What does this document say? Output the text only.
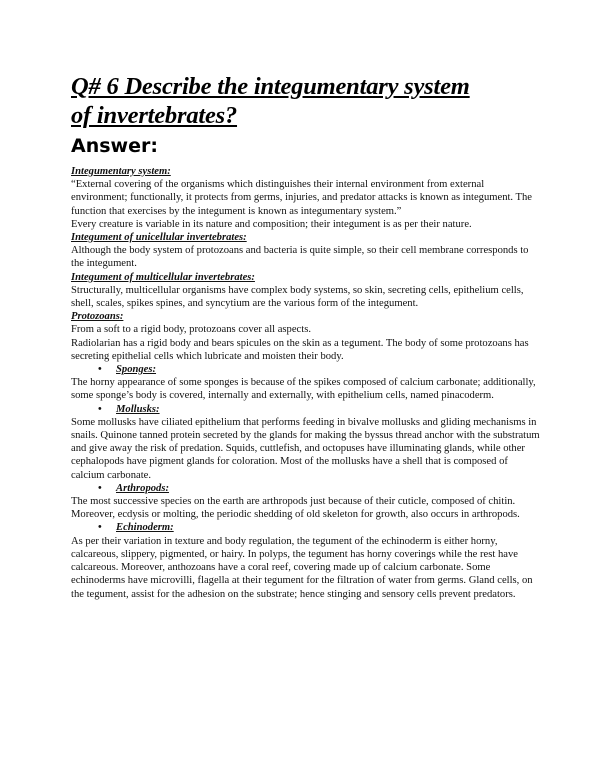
Q# 6 Describe the integumentary system
of invertebrates?

Answer:

Integumentary system:

“External covering of the organisms which distinguishes their internal environment from external environment; functionally, it protects from germs, injuries, and predator attacks is known as integument. The function that exercises by the integument is known as integumentary system.”

Every creature is variable in its nature and composition; their integument is as per their nature.

Integument of unicellular invertebrates:

Although the body system of protozoans and bacteria is quite simple, so their cell membrane corresponds to the integument.

Integument of multicellular invertebrates:

Structurally, multicellular organisms have complex body systems, so skin, secreting cells, epithelium cells, shell, scales, spikes spines, and syncytium are the various form of the integument.

Protozoans:

From a soft to a rigid body, protozoans cover all aspects.

Radiolarian has a rigid body and bears spicules on the skin as a tegument. The body of some protozoans has secreting epithelial cells which lubricate and moisten their body.

• Sponges:

The horny appearance of some sponges is because of the spikes composed of calcium carbonate; additionally, some sponge’s body is covered, internally and externally, with epithelium cells, named pinacoderm.

• Mollusks:

Some mollusks have ciliated epithelium that performs feeding in bivalve mollusks and gliding mechanisms in snails. Quinone tanned protein secreted by the glands for making the byssus thread anchor with the substratum and give away the risk of predation. Squids, cuttlefish, and octopuses have illuminating glands, while other cephalopods have pigment glands for coloration. Most of the mollusks have a shell that is composed of calcium carbonate.

• Arthropods:

The most successive species on the earth are arthropods just because of their cuticle, composed of chitin. Moreover, ecdysis or molting, the periodic shedding of old skeleton for growth, also occurs in arthropods.

• Echinoderm:

As per their variation in texture and body regulation, the tegument of the echinoderm is either horny, calcareous, slippery, pigmented, or hairy. In polyps, the tegument has horny coverings while the rest have calcareous. Moreover, anthozoans have a coral reef, covering made up of calcium carbonate. Some echinoderms have microvilli, flagella at their tegument for the filtration of water from germs. Gland cells, on the tegument, assist for the adhesion on the substrate; hence stinging and sensory cells prevent predators.
